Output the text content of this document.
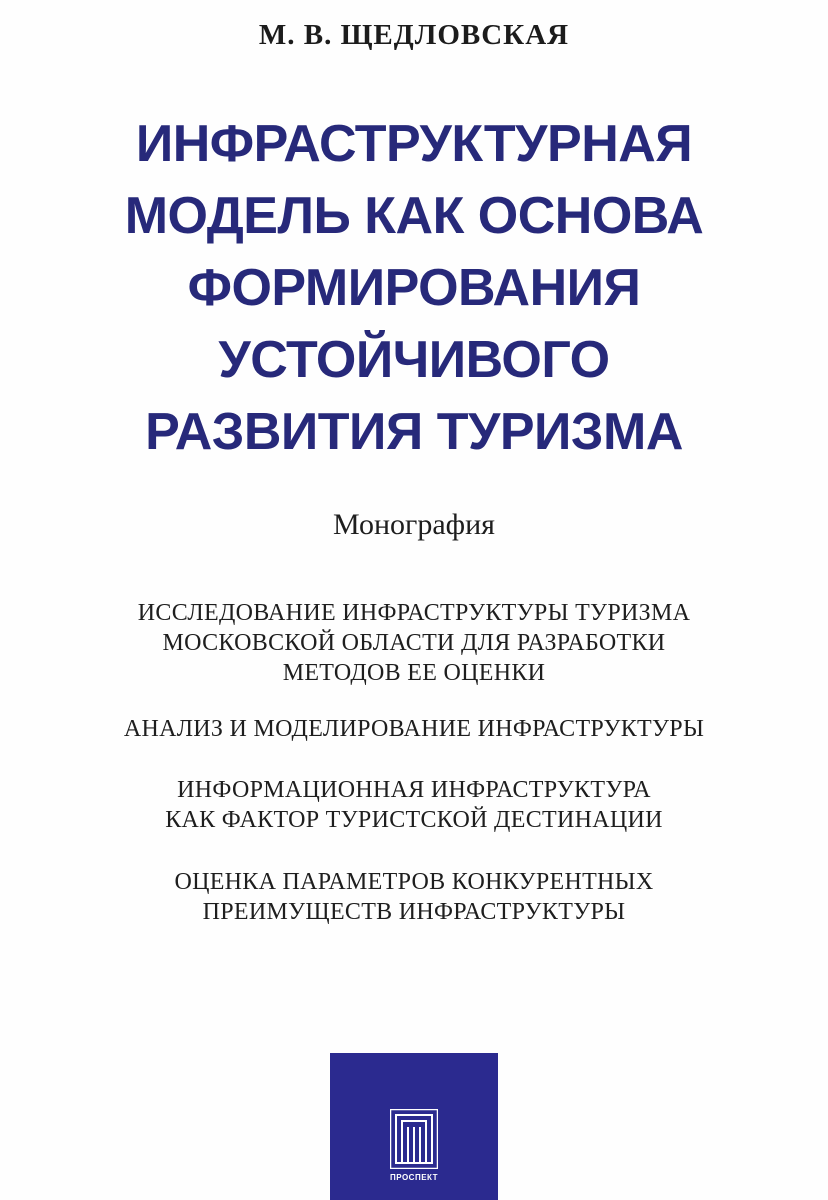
М. В. ЩЕДЛОВСКАЯ

ИНФРАСТРУКТУРНАЯ
МОДЕЛЬ КАК ОСНОВА
ФОРМИРОВАНИЯ
УСТОЙЧИВОГО
РАЗВИТИЯ ТУРИЗМА

Монография

ИССЛЕДОВАНИЕ ИНФРАСТРУКТУРЫ ТУРИЗМА
МОСКОВСКОЙ ОБЛАСТИ ДЛЯ РАЗРАБОТКИ
МЕТОДОВ ЕЕ ОЦЕНКИ
АНАЛИЗ И МОДЕЛИРОВАНИЕ ИНФРАСТРУКТУРЫ
ИНФОРМАЦИОННАЯ ИНФРАСТРУКТУРА
КАК ФАКТОР ТУРИСТСКОЙ ДЕСТИНАЦИИ
ОЦЕНКА ПАРАМЕТРОВ КОНКУРЕНТНЫХ
ПРЕИМУЩЕСТВ ИНФРАСТРУКТУРЫ
ПРОСПЕКТ
